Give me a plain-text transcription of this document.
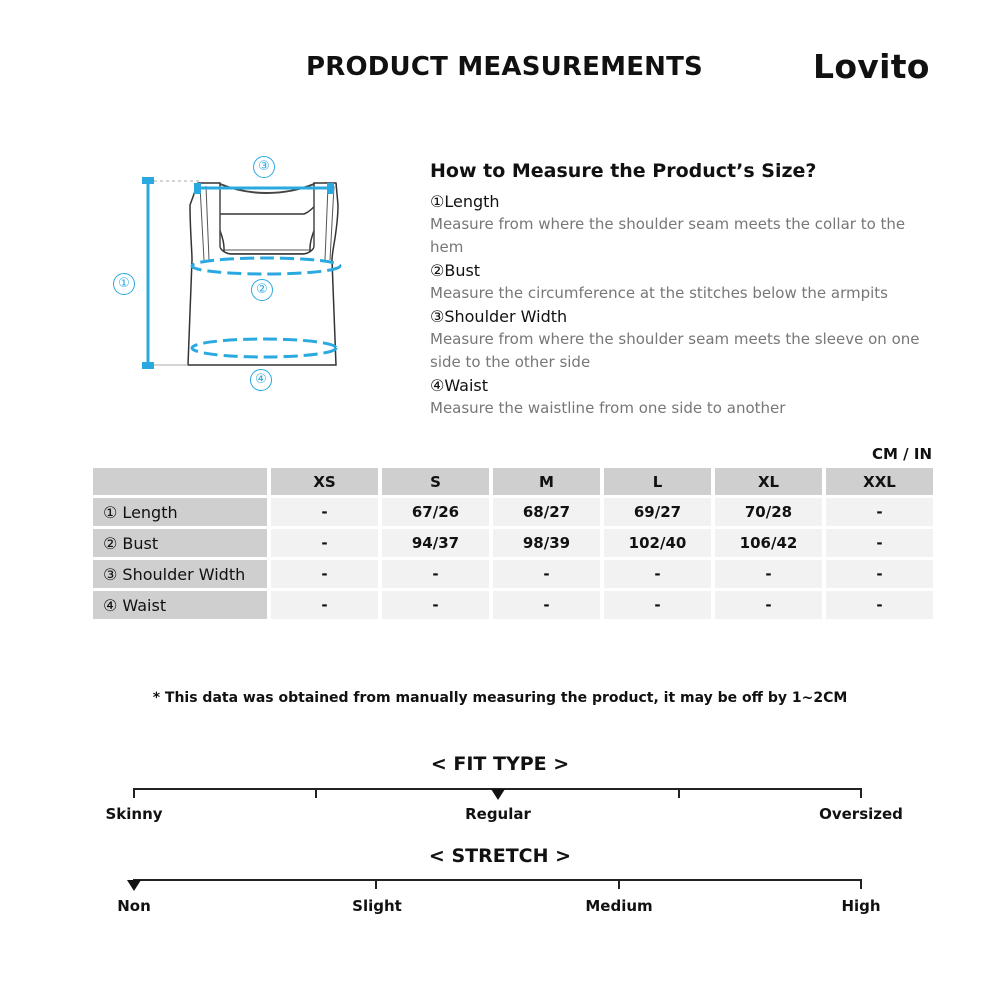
PRODUCT MEASUREMENTS	Lovito
①	②
③
④
How to Measure the Product’s Size?
①Length
Measure from where the shoulder seam meets the collar to the hem
②Bust
Measure the circumference at the stitches below the armpits
③Shoulder Width
Measure from where the shoulder seam meets the sleeve on one side to the other side
④Waist
Measure the waistline from one side to another
CM / IN
	XS	S	M	L	XL	XXL
① Length	-	67/26	68/27	69/27	70/28	-
② Bust	-	94/37	98/39	102/40	106/42	-
③ Shoulder Width	-	-	-	-	-	-
④ Waist	-	-	-	-	-	-
* This data was obtained from manually measuring the product, it may be off by 1~2CM
< FIT TYPE >
Skinny	Regular	Oversized
< STRETCH >
Non	Slight	Medium	High
